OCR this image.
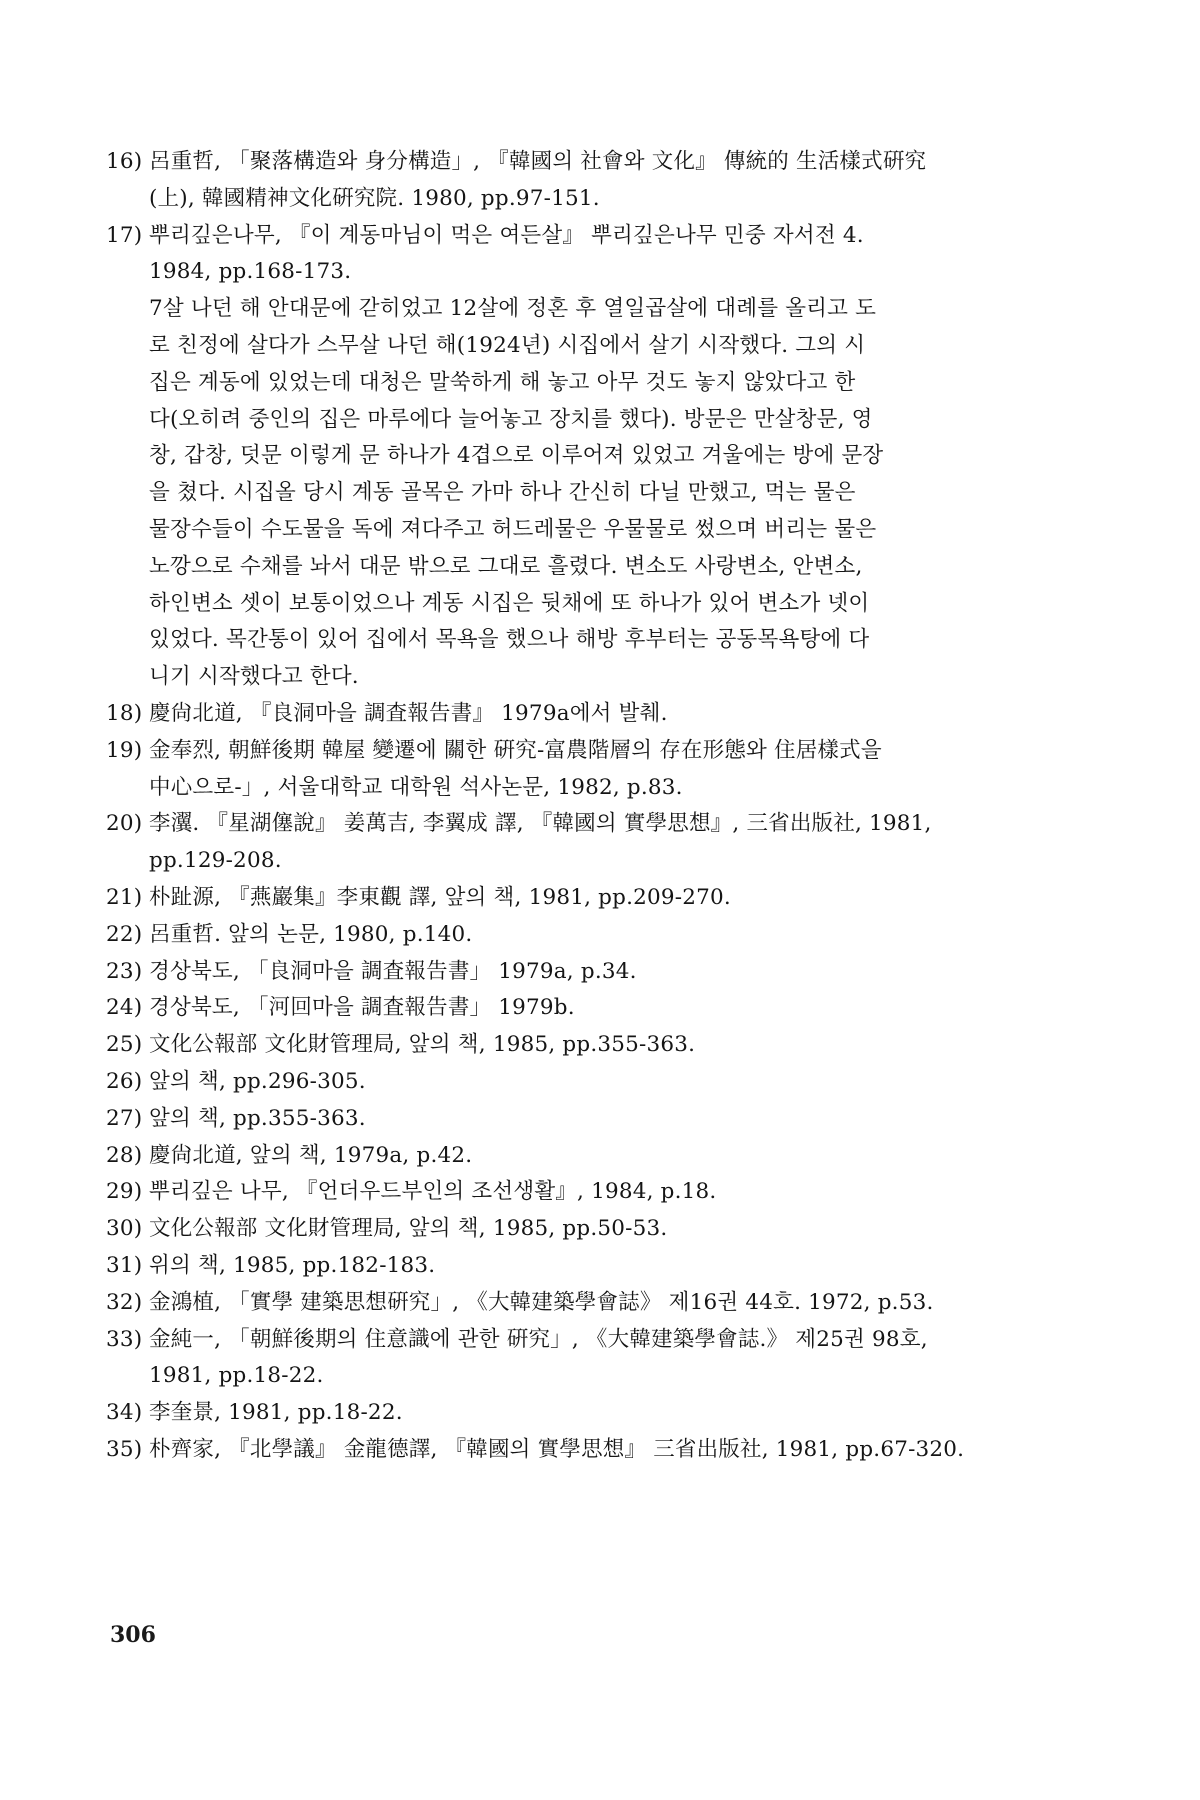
16) 呂重哲, 「聚落構造와 身分構造」, 『韓國의 社會와 文化』 傳統的 生活樣式硏究
(上), 韓國精神文化硏究院. 1980, pp.97-151.
17) 뿌리깊은나무, 『이 계동마님이 먹은 여든살』 뿌리깊은나무 민중 자서전 4.
1984, pp.168-173.
7살 나던 해 안대문에 갇히었고 12살에 정혼 후 열일곱살에 대례를 올리고 도
로 친정에 살다가 스무살 나던 해(1924년) 시집에서 살기 시작했다. 그의 시
집은 계동에 있었는데 대청은 말쑥하게 해 놓고 아무 것도 놓지 않았다고 한
다(오히려 중인의 집은 마루에다 늘어놓고 장치를 했다). 방문은 만살창문, 영
창, 갑창, 덧문 이렇게 문 하나가 4겹으로 이루어져 있었고 겨울에는 방에 문장
을 쳤다. 시집올 당시 계동 골목은 가마 하나 간신히 다닐 만했고, 먹는 물은
물장수들이 수도물을 독에 져다주고 허드레물은 우물물로 썼으며 버리는 물은
노깡으로 수채를 놔서 대문 밖으로 그대로 흘렸다. 변소도 사랑변소, 안변소,
하인변소 셋이 보통이었으나 계동 시집은 뒷채에 또 하나가 있어 변소가 넷이
있었다. 목간통이 있어 집에서 목욕을 했으나 해방 후부터는 공동목욕탕에 다
니기 시작했다고 한다.
18) 慶尙北道, 『良洞마을 調査報告書』 1979a에서 발췌.
19) 金奉烈, 朝鮮後期 韓屋 變遷에 關한 硏究-富農階層의 存在形態와 住居樣式을
中心으로-」, 서울대학교 대학원 석사논문, 1982, p.83.
20) 李瀷. 『星湖僿說』 姜萬吉, 李翼成 譯, 『韓國의 實學思想』, 三省出版社, 1981,
pp.129-208.
21) 朴趾源, 『燕巖集』李東觀 譯, 앞의 책, 1981, pp.209-270.
22) 呂重哲. 앞의 논문, 1980, p.140.
23) 경상북도, 「良洞마을 調査報告書」 1979a, p.34.
24) 경상북도, 「河回마을 調査報告書」 1979b.
25) 文化公報部 文化財管理局, 앞의 책, 1985, pp.355-363.
26) 앞의 책, pp.296-305.
27) 앞의 책, pp.355-363.
28) 慶尙北道, 앞의 책, 1979a, p.42.
29) 뿌리깊은 나무, 『언더우드부인의 조선생활』, 1984, p.18.
30) 文化公報部 文化財管理局, 앞의 책, 1985, pp.50-53.
31) 위의 책, 1985, pp.182-183.
32) 金鴻植, 「實學 建築思想硏究」, 《大韓建築學會誌》 제16권 44호. 1972, p.53.
33) 金純一, 「朝鮮後期의 住意識에 관한 硏究」, 《大韓建築學會誌.》 제25권 98호,
1981, pp.18-22.
34) 李奎景, 1981, pp.18-22.
35) 朴齊家, 『北學議』 金龍德譯, 『韓國의 實學思想』 三省出版社, 1981, pp.67-320.
306
